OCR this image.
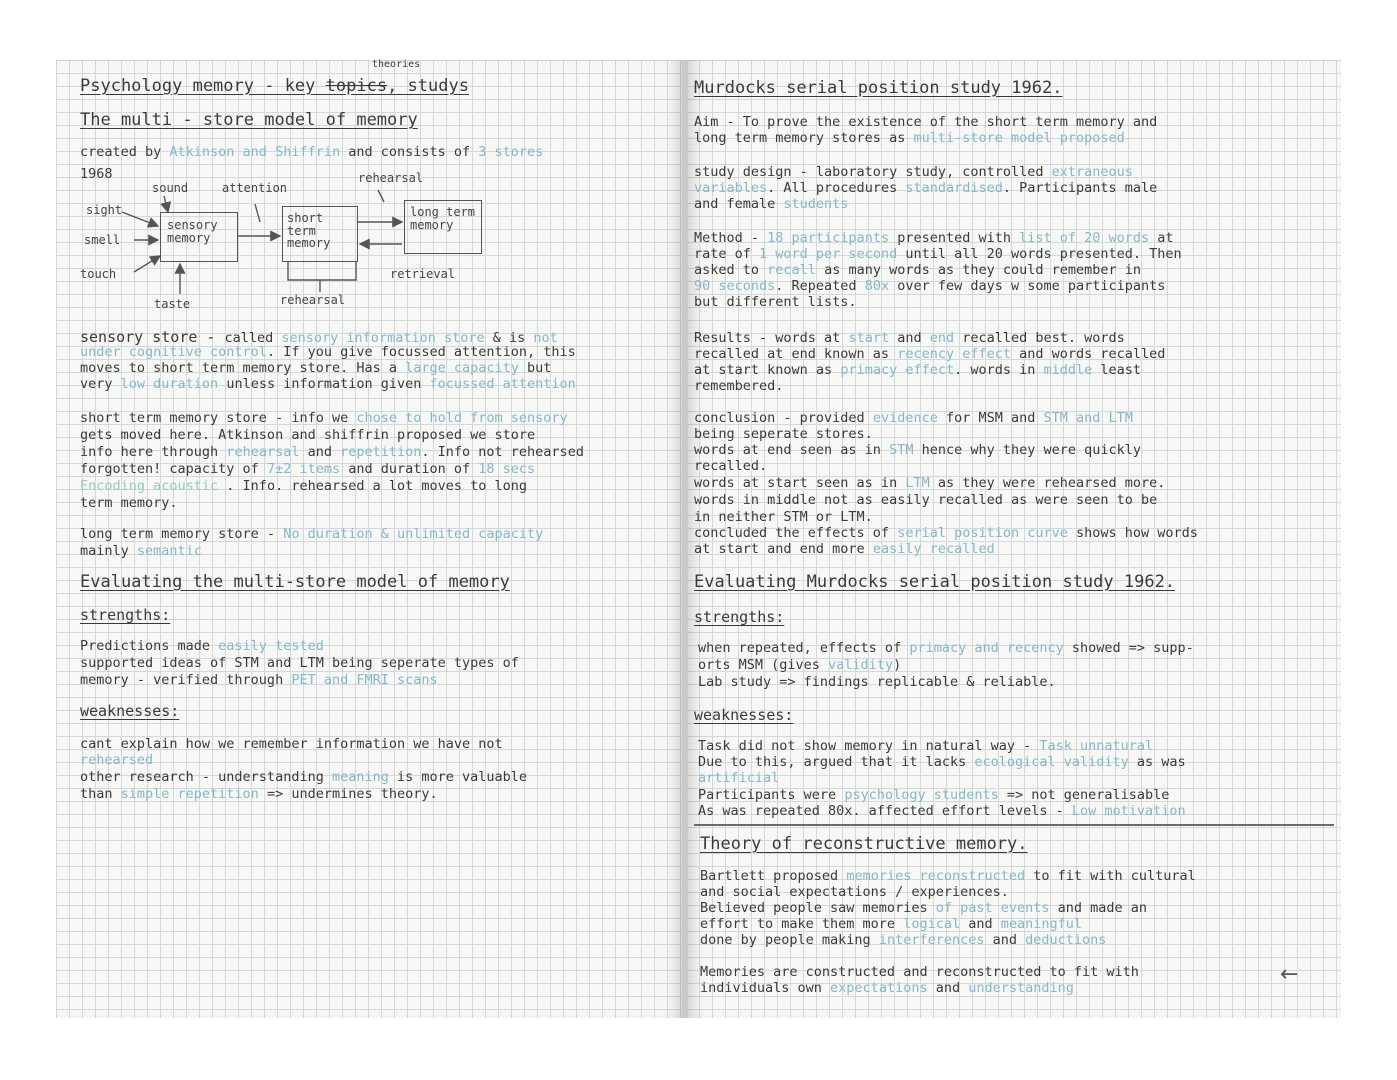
Psychology memory - key topics, studys
theories
The multi - store model of memory
created by Atkinson and Shiffrin and consists of 3 stores
1968
sight
smell
touch
sound
taste
attention
rehearsal
sensory memory
short term memory
long term memory
retrieval
rehearsal
sensory store - called sensory information store & is not
under cognitive control. If you give focussed attention, this
moves to short term memory store. Has a large capacity but
very low duration unless information given focussed attention
short term memory store - info we chose to hold from sensory
gets moved here. Atkinson and shiffrin proposed we store
info here through rehearsal and repetition. Info not rehearsed
forgotten! capacity of 7±2 items and duration of 18 secs
Encoding acoustic . Info. rehearsed a lot moves to long
term memory.
long term memory store - No duration & unlimited capacity
mainly semantic
Evaluating the multi-store model of memory
strengths:
Predictions made easily tested
supported ideas of STM and LTM being seperate types of
memory - verified through PET and FMRI scans
weaknesses:
cant explain how we remember information we have not
rehearsed
other research - understanding meaning is more valuable
than simple repetition => undermines theory.
Murdocks serial position study 1962.
Aim - To prove the existence of the short term memory and
long term memory stores as multi-store model proposed
study design - laboratory study, controlled extraneous
variables. All procedures standardised. Participants male
and female students
Method - 18 participants presented with list of 20 words at
rate of 1 word per second until all 20 words presented. Then
asked to recall as many words as they could remember in
90 seconds. Repeated 80x over few days w some participants
but different lists.
Results - words at start and end recalled best. words
recalled at end known as recency effect and words recalled
at start known as primacy effect. words in middle least
remembered.
conclusion - provided evidence for MSM and STM and LTM
being seperate stores.
words at end seen as in STM hence why they were quickly
recalled.
words at start seen as in LTM as they were rehearsed more.
words in middle not as easily recalled as were seen to be
in neither STM or LTM.
concluded the effects of serial position curve shows how words
at start and end more easily recalled
Evaluating Murdocks serial position study 1962.
strengths:
when repeated, effects of primacy and recency showed => supp-
orts MSM (gives validity)
Lab study => findings replicable & reliable.
weaknesses:
Task did not show memory in natural way - Task unnatural
Due to this, argued that it lacks ecological validity as was
artificial
Participants were psychology students => not generalisable
As was repeated 80x. affected effort levels - Low motivation
Theory of reconstructive memory.
Bartlett proposed memories reconstructed to fit with cultural
and social expectations / experiences.
Believed people saw memories of past events and made an
effort to make them more logical and meaningful
done by people making interferences and deductions
Memories are constructed and reconstructed to fit with
individuals own expectations and understanding
←
